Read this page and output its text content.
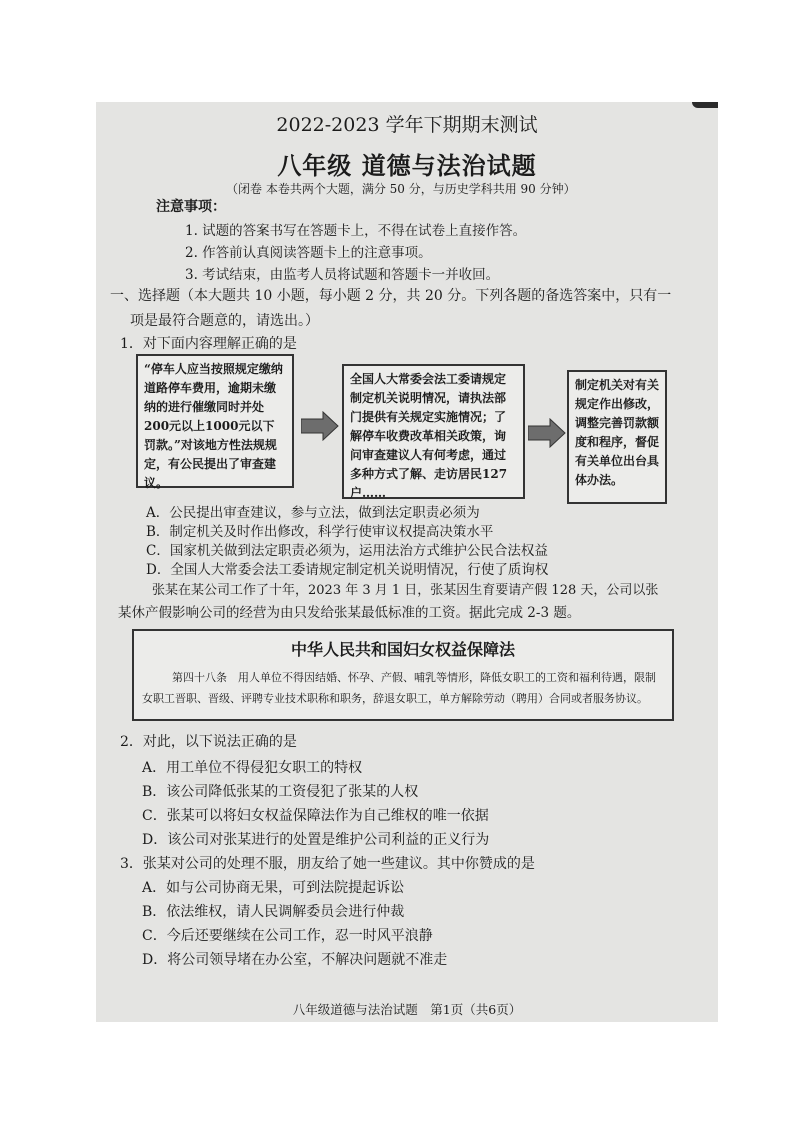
2022-2023 学年下期期末测试
八年级 道德与法治试题
（闭卷 本卷共两个大题，满分 50 分，与历史学科共用 90 分钟）
注意事项：
1. 试题的答案书写在答题卡上，不得在试卷上直接作答。
2. 作答前认真阅读答题卡上的注意事项。
3. 考试结束，由监考人员将试题和答题卡一并收回。
一、选择题（本大题共 10 小题，每小题 2 分，共 20 分。下列各题的备选答案中，只有一
项是最符合题意的，请选出。）
1．对下面内容理解正确的是
“停车人应当按照规定缴纳道路停车费用，逾期未缴纳的进行催缴同时并处200元以上1000元以下罚款。”对该地方性法规规定，有公民提出了审查建议。
全国人大常委会法工委请规定制定机关说明情况，请执法部门提供有关规定实施情况；了解停车收费改革相关政策，询问审查建议人有何考虑，通过多种方式了解、走访居民127户……
制定机关对有关规定作出修改，调整完善罚款额度和程序，督促有关单位出台具体办法。
A．公民提出审查建议，参与立法，做到法定职责必须为
B．制定机关及时作出修改，科学行使审议权提高决策水平
C．国家机关做到法定职责必须为，运用法治方式维护公民合法权益
D．全国人大常委会法工委请规定制定机关说明情况，行使了质询权
张某在某公司工作了十年，2023 年 3 月 1 日，张某因生育要请产假 128 天，公司以张
某休产假影响公司的经营为由只发给张某最低标准的工资。据此完成 2-3 题。
中华人民共和国妇女权益保障法
第四十八条　用人单位不得因结婚、怀孕、产假、哺乳等情形，降低女职工的工资和福利待遇，限制女职工晋职、晋级、评聘专业技术职称和职务，辞退女职工，单方解除劳动（聘用）合同或者服务协议。
2．对此，以下说法正确的是
A．用工单位不得侵犯女职工的特权
B．该公司降低张某的工资侵犯了张某的人权
C．张某可以将妇女权益保障法作为自己维权的唯一依据
D．该公司对张某进行的处置是维护公司利益的正义行为
3．张某对公司的处理不服，朋友给了她一些建议。其中你赞成的是
A．如与公司协商无果，可到法院提起诉讼
B．依法维权，请人民调解委员会进行仲裁
C．今后还要继续在公司工作，忍一时风平浪静
D．将公司领导堵在办公室，不解决问题就不准走
八年级道德与法治试题　第1页（共6页）
